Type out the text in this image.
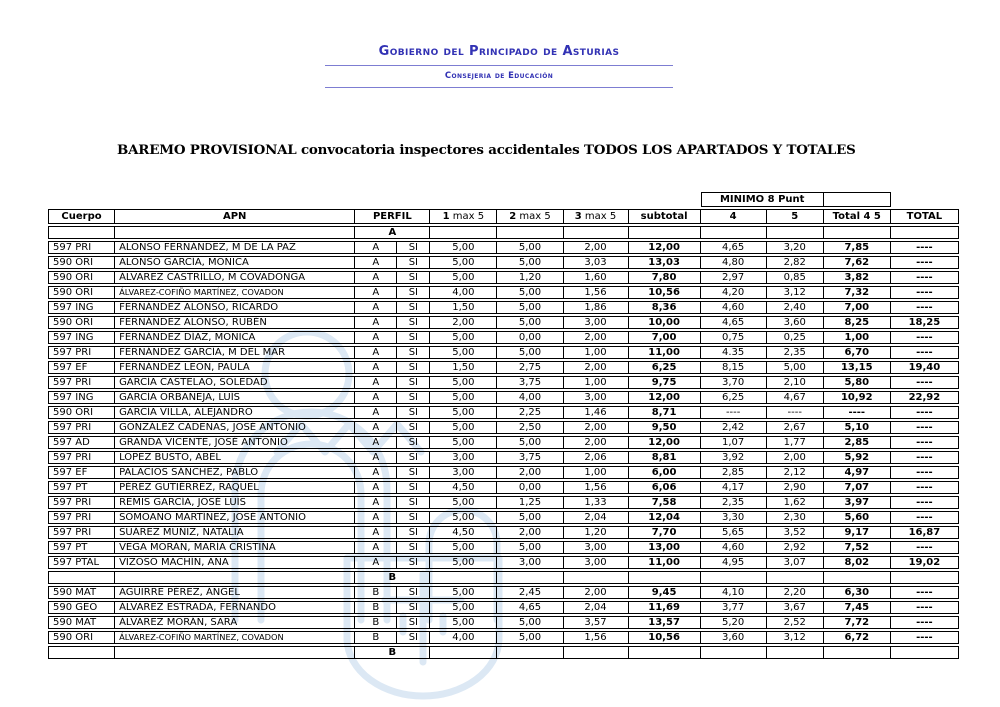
Gobierno del Principado de Asturias
Consejeria de Educación
BAREMO PROVISIONAL convocatoria inspectores accidentales TODOS LOS APARTADOS Y TOTALES
								MINIMO 8 Punt			
Cuerpo	APN	PERFIL		1 max 5	2 max 5	3 max 5	subtotal	4	5	Total 4 5	TOTAL
		A									
597 PRI	ALONSO FERNÁNDEZ, M DE LA PAZ	A	SI	5,00	5,00	2,00	12,00	4,65	3,20	7,85	----
590 ORI	ALONSO GARCÍA, MÓNICA	A	SI	5,00	5,00	3,03	13,03	4,80	2,82	7,62	----
590 ORI	ÁLVAREZ CASTRILLO, M COVADONGA	A	SI	5,00	1,20	1,60	7,80	2,97	0,85	3,82	----
590 ORI	ÁLVAREZ-COFIÑO MARTÍNEZ, COVADON	A	SI	4,00	5,00	1,56	10,56	4,20	3,12	7,32	----
597 ING	FERNÁNDEZ ALONSO, RICARDO	A	SI	1,50	5,00	1,86	8,36	4,60	2,40	7,00	----
590 ORI	FERNÁNDEZ ALONSO, RUBÉN	A	SI	2,00	5,00	3,00	10,00	4,65	3,60	8,25	18,25
597 ING	FERNÁNDEZ DÍAZ, MÓNICA	A	SI	5,00	0,00	2,00	7,00	0,75	0,25	1,00	----
597 PRI	FERNÁNDEZ GARCÍA, M DEL MAR	A	SI	5,00	5,00	1,00	11,00	4.35	2,35	6,70	----
597 EF	FERNÁNDEZ LEÓN, PAULA	A	SI	1,50	2,75	2,00	6,25	8,15	5,00	13,15	19,40
597 PRI	GARCÍA CASTELAO, SOLEDAD	A	SI	5,00	3,75	1,00	9,75	3,70	2,10	5,80	----
597 ING	GARCÍA ORBANEJA, LUÍS	A	SI	5,00	4,00	3,00	12,00	6,25	4,67	10,92	22,92
590 ORI	GARCÍA VILLA, ALEJANDRO	A	SI	5,00	2,25	1,46	8,71	----	----	----	----
597 PRI	GONZÁLEZ CADENAS, JOSÉ ANTONIO	A	SI	5,00	2,50	2,00	9,50	2,42	2,67	5,10	----
597 AD	GRANDA VICENTE, JOSÉ ANTONIO	A	SI	5,00	5,00	2,00	12,00	1,07	1,77	2,85	----
597 PRI	LÓPEZ BUSTO, ABEL	A	SI	3,00	3,75	2,06	8,81	3,92	2,00	5,92	----
597 EF	PALACIOS SÁNCHEZ, PABLO	A	SI	3,00	2,00	1,00	6,00	2,85	2,12	4,97	----
597 PT	PÉREZ GUTIÉRREZ, RAQUEL	A	SI	4,50	0,00	1,56	6,06	4,17	2,90	7,07	----
597 PRI	REMIS GARCÍA, JOSÉ LUÍS	A	SI	5,00	1,25	1,33	7,58	2,35	1,62	3,97	----
597 PRI	SOMOANO MARTÍNEZ, JOSÉ ANTONIO	A	SI	5,00	5,00	2,04	12,04	3,30	2,30	5,60	----
597 PRI	SUÁREZ MUÑIZ, NATALIA	A	SI	4,50	2,00	1,20	7,70	5,65	3,52	9,17	16,87
597 PT	VEGA MORÁN, MARÍA CRISTINA	A	SI	5,00	5,00	3,00	13,00	4,60	2,92	7,52	----
597 PTAL	VIZOSO MACHÍN, ANA	A	SI	5,00	3,00	3,00	11,00	4,95	3,07	8,02	19,02
		B									
590 MAT	AGUIRRE PÉREZ, ÁNGEL	B	SI	5,00	2,45	2,00	9,45	4,10	2,20	6,30	----
590 GEO	ÁLVAREZ ESTRADA, FERNANDO	B	SI	5,00	4,65	2,04	11,69	3,77	3,67	7,45	----
590 MAT	ÁLVAREZ MORÁN, SARA	B	SI	5,00	5,00	3,57	13,57	5,20	2,52	7,72	----
590 ORI	ÁLVAREZ-COFIÑO MARTÍNEZ, COVADON	B	SI	4,00	5,00	1,56	10,56	3,60	3,12	6,72	----
		B									
